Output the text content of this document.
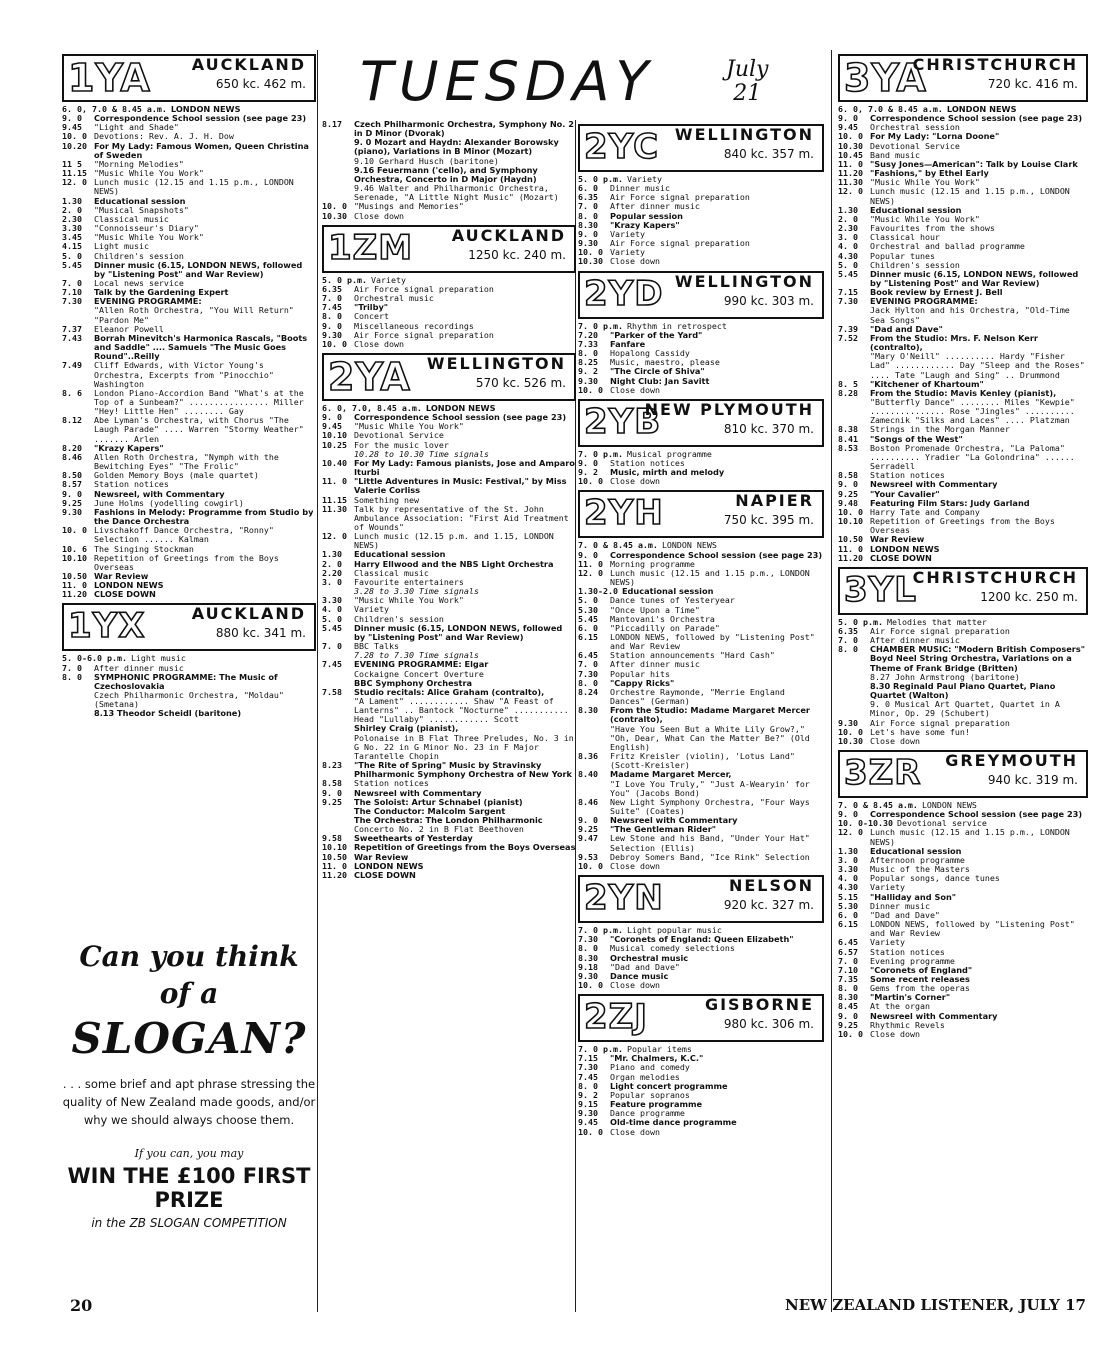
TUESDAY	July
21
1YA	AUCKLAND
650 kc. 462 m.
6. 0, 7.0 & 8.45 a.m. LONDON NEWS
9. 0	Correspondence School session (see page 23)
9.45	"Light and Shade"
10. 0 Devotions: Rev. A. J. H. Dow
10.20 For My Lady: Famous Women, Queen Christina of Sweden
11 5	"Morning Melodies"
11.15 "Music While You Work"
12. 0 Lunch music (12.15 and 1.15 p.m., LONDON NEWS)
1.30	Educational session
2. 0	"Musical Snapshots"
2.30	Classical music
3.30	"Connoisseur's Diary"
3.45	"Music While You Work"
4.15	Light music
5. 0	Children's session
5.45	Dinner music (6.15, LONDON NEWS, followed by "Listening Post" and War Review)
7. 0	Local news service
7.10	Talk by the Gardening Expert
7.30	EVENING PROGRAMME:
"Allen Roth Orchestra, "You Will Return" "Pardon Me"
7.37	Eleanor Powell
7.43	Borrah Minevitch's Harmonica Rascals, "Boots and Saddle" .... Samuels "The Music Goes Round"..Reilly
7.49	Cliff Edwards, with Victor Young's Orchestra, Excerpts from "Pinocchio" Washington
8. 6	London Piano-Accordion Band "What's at the Top of a Sunbeam?" ................ Miller "Hey! Little Hen" ........ Gay
8.12	Abe Lyman's Orchestra, with Chorus "The Laugh Parade" .... Warren "Stormy Weather" ....... Arlen
8.20	"Krazy Kapers"
8.46	Allen Roth Orchestra, "Nymph with the Bewitching Eyes" "The Frolic"
8.50	Golden Memory Boys (male quartet)
8.57	Station notices
9. 0	Newsreel, with Commentary
9.25	June Holms (yodelling cowgirl)
9.30	Fashions in Melody: Programme from Studio by the Dance Orchestra
10. 0 Livschakoff Dance Orchestra, "Ronny" Selection ...... Kalman
10. 6 The Singing Stockman
10.10 Repetition of Greetings from the Boys Overseas
10.50 War Review
11. 0 LONDON NEWS
11.20 CLOSE DOWN
1YX	AUCKLAND
880 kc. 341 m.
5. 0-6.0 p.m. Light music
7. 0	After dinner music
8. 0	SYMPHONIC PROGRAMME: The Music of Czechoslovakia
Czech Philharmonic Orchestra, "Moldau" (Smetana)
8.13 Theodor Scheidl (baritone)
8.17	Czech Philharmonic Orchestra, Symphony No. 2 in D Minor (Dvorak)
9. 0 Mozart and Haydn: Alexander Borowsky (piano), Variations in B Minor (Mozart)
9.10 Gerhard Husch (baritone)
9.16 Feuermann ('cello), and Symphony Orchestra, Concerto in D Major (Haydn)
9.46 Walter and Philharmonic Orchestra, Serenade, "A Little Night Music" (Mozart)
10. 0 "Musings and Memories"
10.30 Close down
1ZM AUCKLAND
1250 kc. 240 m.
5. 0 p.m. Variety
6.35	Air Force signal preparation
7. 0	Orchestral music
7.45	"Trilby"
8. 0	Concert
9. 0	Miscellaneous recordings
9.30	Air Force signal preparation
10. 0 Close down
2YA WELLINGTON
570 kc. 526 m.
6. 0, 7.0, 8.45 a.m. LONDON NEWS
9. 0	Correspondence School session (see page 23)
9.45	"Music While You Work"
10.10 Devotional Service
10.25 For the music lover
10.28 to 10.30 Time signals
10.40 For My Lady: Famous pianists, Jose and Amparo Iturbi
11. 0 "Little Adventures in Music: Festival," by Miss Valerie Corliss
11.15 Something new
11.30 Talk by representative of the St. John Ambulance Association: "First Aid Treatment of Wounds"
12. 0 Lunch music (12.15 p.m. and 1.15, LONDON NEWS)
1.30	Educational session
2. 0	Harry Ellwood and the NBS Light Orchestra
2.20	Classical music
3. 0	Favourite entertainers
3.28 to 3.30 Time signals
3.30	"Music While You Work"
4. 0	Variety
5. 0	Children's session
5.45	Dinner music (6.15, LONDON NEWS, followed by "Listening Post" and War Review)
7. 0	BBC Talks
7.28 to 7.30 Time signals
7.45	EVENING PROGRAMME: Elgar
Cockaigne Concert Overture
BBC Symphony Orchestra
7.58	Studio recitals: Alice Graham (contralto),
"A Lament" ............ Shaw "A Feast of Lanterns" .. Bantock "Nocturne" ........... Head "Lullaby" ............ Scott
Shirley Craig (pianist),
Polonaise in B Flat Three Preludes, No. 3 in G No. 22 in G Minor No. 23 in F Major Tarantelle Chopin
8.23	"The Rite of Spring" Music by Stravinsky
Philharmonic Symphony Orchestra of New York
8.58	Station notices
9. 0	Newsreel with Commentary
9.25	The Soloist: Artur Schnabel (pianist)
The Conductor: Malcolm Sargent
The Orchestra: The London Philharmonic
Concerto No. 2 in B Flat Beethoven
9.58	Sweethearts of Yesterday
10.10 Repetition of Greetings from the Boys Overseas
10.50 War Review
11. 0 LONDON NEWS
11.20 CLOSE DOWN
2YC WELLINGTON
840 kc. 357 m.
5. 0 p.m. Variety
6. 0	Dinner music
6.35	Air Force signal preparation
7. 0	After dinner music
8. 0	Popular session
8.30	"Krazy Kapers"
9. 0	Variety
9.30	Air Force signal preparation
10. 0 Variety
10.30 Close down
2YD WELLINGTON
990 kc. 303 m.
7. 0 p.m. Rhythm in retrospect
7.20	"Parker of the Yard"
7.33	Fanfare
8. 0	Hopalong Cassidy
8.25	Music, maestro, please
9. 2	"The Circle of Shiva"
9.30	Night Club: Jan Savitt
10. 0 Close down
2YB
NEW PLYMOUTH
810 kc. 370 m.
7. 0 p.m. Musical programme
9. 0	Station notices
9. 2	Music, mirth and melody
10. 0 Close down
2YH	NAPIER
750 kc. 395 m.
7. 0 & 8.45 a.m. LONDON NEWS
9. 0	Correspondence School session (see page 23)
11. 0 Morning programme
12. 0 Lunch music (12.15 and 1.15 p.m., LONDON NEWS)
1.30-2.0 Educational session
5. 0	Dance tunes of Yesteryear
5.30	"Once Upon a Time"
5.45	Mantovani's Orchestra
6. 0	"Piccadilly on Parade"
6.15	LONDON NEWS, followed by "Listening Post" and War Review
6.45	Station announcements "Hard Cash"
7. 0	After dinner music
7.30	Popular hits
8. 0	"Cappy Ricks"
8.24	Orchestre Raymonde, "Merrie England Dances" (German)
8.30	From the Studio: Madame Margaret Mercer (contralto),
"Have You Seen But a White Lily Grow?," "Oh, Dear, What Can the Matter Be?" (Old English)
8.36	Fritz Kreisler (violin), 'Lotus Land" (Scott-Kreisler)
8.40	Madame Margaret Mercer,
"I Love You Truly," "Just A-Wearyin' for You" (Jacobs Bond)
8.46	New Light Symphony Orchestra, "Four Ways Suite" (Coates)
9. 0	Newsreel with Commentary
9.25	"The Gentleman Rider"
9.47	Lew Stone and his Band, "Under Your Hat" Selection (Ellis)
9.53	Debroy Somers Band, "Ice Rink" Selection
10. 0 Close down
2YN	NELSON
920 kc. 327 m.
7. 0 p.m. Light popular music
7.30	"Coronets of England: Queen Elizabeth"
8. 0	Musical comedy selections
8.30	Orchestral music
9.18	"Dad and Dave"
9.30	Dance music
10. 0 Close down
2ZJ	GISBORNE
980 kc. 306 m.
7. 0 p.m. Popular items
7.15	"Mr. Chalmers, K.C."
7.30	Piano and comedy
7.45	Organ melodies
8. 0	Light concert programme
9. 2	Popular sopranos
9.15	Feature programme
9.30	Dance programme
9.45	Old-time dance programme
10. 0 Close down
3YA
CHRISTCHURCH
720 kc. 416 m.
6. 0, 7.0 & 8.45 a.m. LONDON NEWS
9. 0	Correspondence School session (see page 23)
9.45	Orchestral session
10. 0 For My Lady: "Lorna Doone"
10.30 Devotional Service
10.45 Band music
11. 0 "Susy Jones—American": Talk by Louise Clark
11.20 "Fashions," by Ethel Early
11.30 "Music While You Work"
12. 0 Lunch music (12.15 and 1.15 p.m., LONDON NEWS)
1.30	Educational session
2. 0	"Music While You Work"
2.30	Favourites from the shows
3. 0	Classical hour
4. 0	Orchestral and ballad programme
4.30	Popular tunes
5. 0	Children's session
5.45	Dinner music (6.15, LONDON NEWS, followed by "Listening Post" and War Review)
7.15	Book review by Ernest J. Bell
7.30	EVENING PROGRAMME:
Jack Hylton and his Orchestra, "Old-Time Sea Songs"
7.39	"Dad and Dave"
7.52	From the Studio: Mrs. F. Nelson Kerr (contralto),
"Mary O'Neill" .......... Hardy "Fisher Lad" ............ Day "Sleep and the Roses" .... Tate "Laugh and Sing" .. Drummond
8. 5	"Kitchener of Khartoum"
8.28	From the Studio: Mavis Kenley (pianist),
"Butterfly Dance" ........ Miles "Kewpie" ............... Rose "Jingles" .......... Zamecnik "Silks and Laces" .... Platzman
8.38	Strings in the Morgan Manner
8.41	"Songs of the West"
8.53	Boston Promenade Orchestra, "La Paloma" .......... Yradier "La Golondrina" ...... Serradell
8.58	Station notices
9. 0	Newsreel with Commentary
9.25	"Your Cavalier"
9.48	Featuring Film Stars: Judy Garland
10. 0 Harry Tate and Company
10.10 Repetition of Greetings from the Boys Overseas
10.50 War Review
11. 0 LONDON NEWS
11.20 CLOSE DOWN
3YL
CHRISTCHURCH
1200 kc. 250 m.
5. 0 p.m. Melodies that matter
6.35	Air Force signal preparation
7. 0	After dinner music
8. 0	CHAMBER MUSIC: "Modern British Composers"
Boyd Neel String Orchestra, Variations on a Theme of Frank Bridge (Britten)
8.27 John Armstrong (baritone)
8.30 Reginald Paul Piano Quartet, Piano Quartet (Walton)
9. 0 Musical Art Quartet, Quartet in A Minor, Op. 29 (Schubert)
9.30	Air Force signal preparation
10. 0 Let's have some fun!
10.30 Close down
3ZR GREYMOUTH
940 kc. 319 m.
7. 0 & 8.45 a.m. LONDON NEWS
9. 0	Correspondence School session (see page 23)
10. 0-10.30 Devotional service
12. 0 Lunch music (12.15 and 1.15 p.m., LONDON NEWS)
1.30	Educational session
3. 0	Afternoon programme
3.30	Music of the Masters
4. 0	Popular songs, dance tunes
4.30	Variety
5.15	"Halliday and Son"
5.30	Dinner music
6. 0	"Dad and Dave"
6.15	LONDON NEWS, followed by "Listening Post" and War Review
6.45	Variety
6.57	Station notices
7. 0	Evening programme
7.10	"Coronets of England"
7.35	Some recent releases
8. 0	Gems from the operas
8.30	"Martin's Corner"
8.45	At the organ
9. 0	Newsreel with Commentary
9.25	Rhythmic Revels
10. 0 Close down
Can you think
of a
SLOGAN?
. . . some brief and apt phrase stressing the quality of New Zealand made goods, and/or why we should always choose them.
If you can, you may
WIN THE £100 FIRST PRIZE
in the ZB SLOGAN COMPETITION
20	NEW ZEALAND LISTENER, JULY 17
